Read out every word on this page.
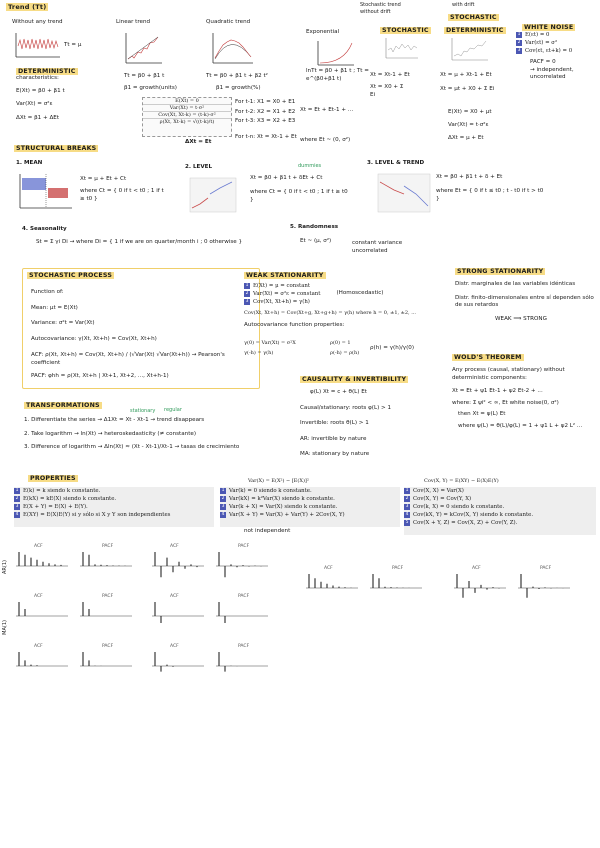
Trend (Tt)
Without any trend
Tt = μ
Linear trend
Tt = β0 + β1 t
β1 = growth(units)
Quadratic trend
Tt = β0 + β1 t + β2 t²
β1 = growth(%)
Exponential
lnTt = β0 + β1 t ; Tt = e^(β0+β1 t)
DETERMINISTIC
characteristics:
E(Xt) = β0 + β1 t
Var(Xt) = σ²ε
ΔXt = β1 + ΔEt
E(Xt) = 0
Var(Xt) = t·σ²
Cov(Xt, Xt-k) = (t-k)·σ²
ρ(Xt, Xt-k) = √((t-k)/t)
For t-1: X1 = X0 + E1
For t-2: X2 = X1 + E2
For t-3: X3 = X2 + E3
For t-n: Xt = Xt-1 + Et
ΔXt = Et
Stochastic trend without drift
STOCHASTIC
Xt = Xt-1 + Et
Xt = X0 + Σ Ei
Xt = Et + Et-1 + ...
where Et ~ (0, σ²)
with drift
STOCHASTIC
DETERMINISTIC
Xt = μ + Xt-1 + Et
Xt = μt + X0 + Σ Ei
E(Xt) = X0 + μt
Var(Xt) = t·σ²ε
ΔXt = μ + Et
WHITE NOISE
1 E(εt) = 0
2 Var(εt) = σ²
3 Cov(εt, εt+k) = 0
PACF = 0
→ independent, uncorrelated
STRUCTURAL BREAKS
1. MEAN
Xt = μ + Et + Ct
where Ct = { 0 if t < t0 ; 1 if t ≥ t0 }
2. LEVEL	dummies
Xt = β0 + β1 t + δEt + Ct
where Ct = { 0 if t < t0 ; 1 if t ≥ t0 }
3. LEVEL & TREND
Xt = β0 + β1 t + δ + Et
where Et = { 0 if t ≤ t0 ; t - t0 if t > t0 }
4. Seasonality
St = Σ γi Di → where Di = { 1 if we are on quarter/month i ; 0 otherwise }
5. Randomness
Et ~ (μ, σ²)	constant variance
uncorrelated
STOCHASTIC PROCESS
Function of:
Mean: μt = E(Xt)
Variance: σ²t = Var(Xt)
Autocovariance: γ(Xt, Xt+h) = Cov(Xt, Xt+h)
ACF: ρ(Xt, Xt+h) = Cov(Xt, Xt+h) / (√Var(Xt) √Var(Xt+h)) → Pearson's coefficient
PACF: φhh = ρ(Xt, Xt+h | Xt+1, Xt+2, ..., Xt+h-1)
WEAK STATIONARITY
1 E(Xt) = μ = constant
2 Var(Xt) = σ²ε = constant	(Homoscedastic)
3 Cov(Xt, Xt+h) = γ(h)
Cov(Xt, Xt+h) = Cov(Xt+g, Xt+g+h) = γ(h) where h = 0, ±1, ±2, ...
Autocovariance function properties:
γ(0) = Var(Xt) = σ²X
γ(-h) = γ(h)
ρ(0) = 1
ρ(-h) = ρ(h)
ρ(h) = γ(h)/γ(0)
CAUSALITY & INVERTIBILITY
φ(L) Xt = c + θ(L) Et
Causal/stationary: roots φ(L) > 1
Invertible: roots θ(L) > 1
AR: invertible by nature
MA: stationary by nature
STRONG STATIONARITY
Distr. marginales de las variables idénticas
Distr. finito-dimensionales entre sí dependen sólo de sus retardos
WEAK ⟹ STRONG
WOLD'S THEOREM
Any process (causal, stationary) without deterministic components:
Xt = Et + ψ1 Et-1 + ψ2 Et-2 + ...
where: Σ ψi² < ∞, Et white noise(0, σ²)
then Xt = ψ(L) Et
where ψ(L) = θ(L)/φ(L) = 1 + ψ1 L + ψ2 L² ...
TRANSFORMATIONS
stationary regular
1. Differentiate the series → Δ1Xt = Xt - Xt-1 → trend disappears
2. Take logarithm → ln(Xt) → heteroskedasticity (≠ constante)
3. Difference of logarithm → Δln(Xt) ≈ (Xt - Xt-1)/Xt-1 → tasas de crecimiento
PROPERTIES
1 E(k) = k siendo k constante.
2 E(kX) = kE(X) siendo k constante.
3 E(X + Y) = E(X) + E(Y).
4 E(XY) = E(X)E(Y) si y sólo si X y Y son independientes
Var(X) = E(X²) − [E(X)]²
1 Var(k) = 0 siendo k constante.
2 Var(kX) = k²Var(X) siendo k constante.
3 Var(k + X) = Var(X) siendo k constante.
4 Var(X + Y) = Var(X) + Var(Y) + 2Cov(X, Y)
not independent
Cov(X, Y) = E(XY) − E(X)E(Y)
1 Cov(X, X) = Var(X)
2 Cov(X, Y) = Cov(Y, X)
3 Cov(k, X) = 0 siendo k constante.
4 Cov(kX, Y) = kCov(X, Y) siendo k constante.
5 Cov(X + Y, Z) = Cov(X, Z) + Cov(Y, Z).
AR(1)
MA(1)
ACF	PACF	ACF	PACF
ACF	PACF	ACF	PACF
ACF	PACF	ACF	PACF
ACF	PACF	ACF	PACF
